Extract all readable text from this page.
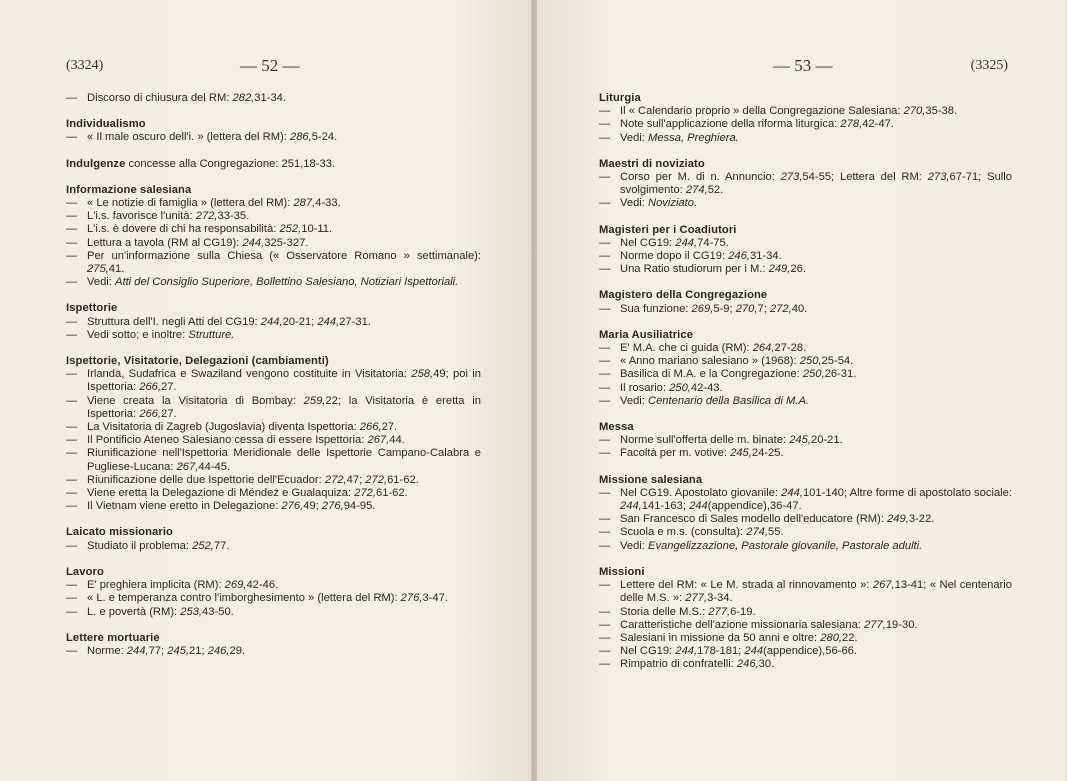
(3324)	— 52 —
— Discorso di chiusura del RM: 282,31-34.
Individualismo
— « Il male oscuro dell'i. » (lettera del RM): 286,5-24.
Indulgenze concesse alla Congregazione: 251,18-33.
Informazione salesiana
— « Le notizie di famiglia » (lettera del RM): 287,4-33.
— L'i.s. favorisce l'unità: 272,33-35.
— L'i.s. è dovere di chi ha responsabilità: 252,10-11.
— Lettura a tavola (RM al CG19): 244,325-327.
— Per un'informazione sulla Chiesa (« Osservatore Romano » settimanale): 275,41.
— Vedi: Atti del Consiglio Superiore, Bollettino Salesiano, Notiziari Ispettoriali.
Ispettorie
— Struttura dell'I. negli Atti del CG19: 244,20-21; 244,27-31.
— Vedi sotto; e inoltre: Strutture.
Ispettorie, Visitatorie, Delegazioni (cambiamenti)
— Irlanda, Sudafrica e Swaziland vengono costituite in Visitatoria: 258,49; poi in Ispettoria: 266,27.
— Viene creata la Visitatoria di Bombay: 259,22; la Visitatoria è eretta in Ispettoria: 266,27.
— La Visitatoria di Zagreb (Jugoslavia) diventa Ispettoria: 266,27.
— Il Pontificio Ateneo Salesiano cessa di essere Ispettoria: 267,44.
— Riunificazione nell'Ispettoria Meridionale delle Ispettorie Campano-Calabra e Pugliese-Lucana: 267,44-45.
— Riunificazione delle due Ispettorie dell'Ecuador: 272,47; 272,61-62.
— Viene eretta la Delegazione di Méndez e Gualaquiza: 272,61-62.
— Il Vietnam viene eretto in Delegazione: 276,49; 276,94-95.
Laicato missionario
— Studiato il problema: 252,77.
Lavoro
— E' preghiera implicita (RM): 269,42-46.
— « L. e temperanza contro l'imborghesimento » (lettera del RM): 276,3-47.
— L. e povertà (RM): 253,43-50.
Lettere mortuarie
— Norme: 244,77; 245,21; 246,29.
— 53 —	(3325)
Liturgia
— Il « Calendario proprio » della Congregazione Salesiana: 270,35-38.
— Note sull'applicazione della riforma liturgica: 278,42-47.
— Vedi: Messa, Preghiera.
Maestri di noviziato
— Corso per M. di n. Annuncio: 273,54-55; Lettera del RM: 273,67-71; Sullo svolgimento: 274,52.
— Vedi: Noviziato.
Magisteri per i Coadiutori
— Nel CG19: 244,74-75.
— Norme dopo il CG19: 246,31-34.
— Una Ratio studiorum per i M.: 249,26.
Magistero della Congregazione
— Sua funzione: 269,5-9; 270,7; 272,40.
Maria Ausiliatrice
— E' M.A. che ci guida (RM): 264,27-28.
— « Anno mariano salesiano » (1968): 250,25-54.
— Basilica di M.A. e la Congregazione: 250,26-31.
— Il rosario: 250,42-43.
— Vedi: Centenario della Basilica di M.A.
Messa
— Norme sull'offerta delle m. binate: 245,20-21.
— Facoltà per m. votive: 245,24-25.
Missione salesiana
— Nel CG19. Apostolato giovanile: 244,101-140; Altre forme di apostolato sociale: 244,141-163; 244(appendice),36-47.
— San Francesco di Sales modello dell'educatore (RM): 249,3-22.
— Scuola e m.s. (consulta): 274,55.
— Vedi: Evangelizzazione, Pastorale giovanile, Pastorale adulti.
Missioni
— Lettere del RM: « Le M. strada al rinnovamento »: 267,13-41; « Nel centenario delle M.S. »: 277,3-34.
— Storia delle M.S.: 277,6-19.
— Caratteristiche dell'azione missionaria salesiana: 277,19-30.
— Salesiani in missione da 50 anni e oltre: 280,22.
— Nel CG19: 244,178-181; 244(appendice),56-66.
— Rimpatrio di confratelli: 246,30.
